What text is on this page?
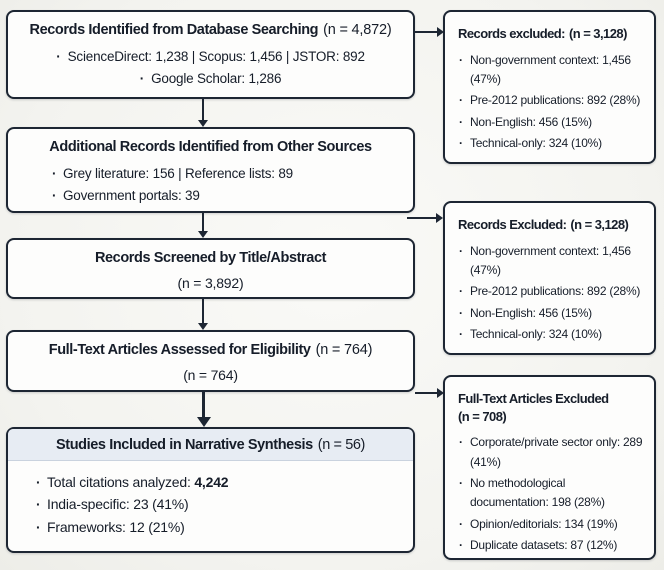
Records Identified from Database Searching (n = 4,872)
·  ScienceDirect: 1,238 | Scopus: 1,456 | JSTOR: 892
·  Google Scholar: 1,286
Additional Records Identified from Other Sources
· Grey literature: 156 | Reference lists: 89
· Government portals: 39
Records Screened by Title/Abstract
(n = 3,892)
Full-Text Articles Assessed for Eligibility (n = 764)
(n = 764)
Studies Included in Narrative Synthesis (n = 56)
· Total citations analyzed: 4,242
· India-specific: 23 (41%)
· Frameworks: 12 (21%)
Records excluded: (n = 3,128)
· Non-government context: 1,456 (47%)
· Pre-2012 publications: 892 (28%)
· Non-English: 456 (15%)
· Technical-only: 324 (10%)
Records Excluded: (n = 3,128)
· Non-government context: 1,456 (47%)
· Pre-2012 publications: 892 (28%)
· Non-English: 456 (15%)
· Technical-only: 324 (10%)
Full-Text Articles Excluded
(n = 708)
· Corporate/private sector only: 289 (41%)
· No methodological documentation: 198 (28%)
· Opinion/editorials: 134 (19%)
· Duplicate datasets: 87 (12%)
